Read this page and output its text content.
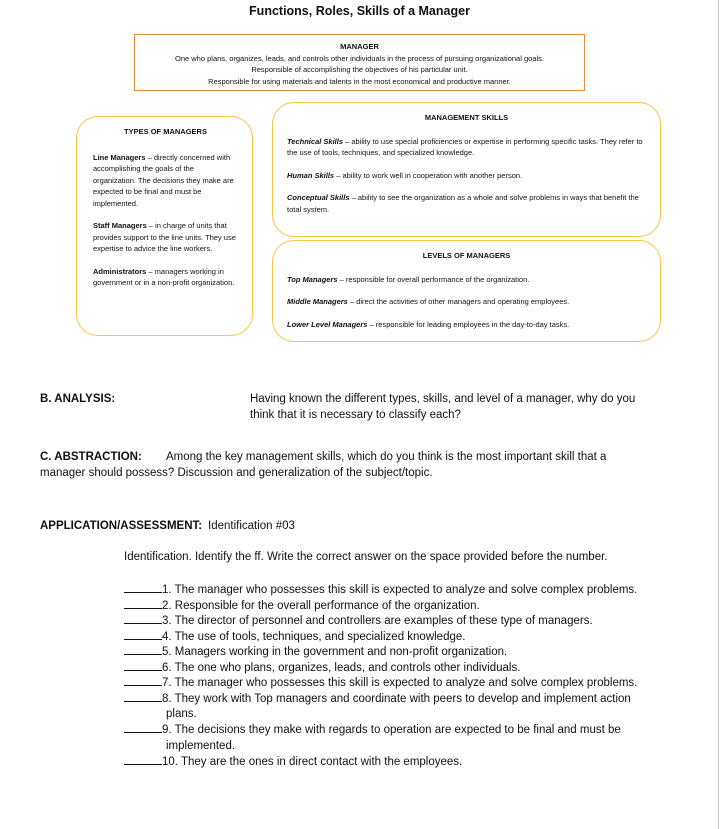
Functions, Roles, Skills of a Manager
MANAGER
One who plans, organizes, leads, and controls other individuals in the process of pursuing organizational goals.
Responsible of accomplishing the objectives of his particular unit.
Responsible for using materials and talents in the most economical and productive manner.
TYPES OF MANAGERS
Line Managers – directly concerned with accomplishing the goals of the organization. The decisions they make are expected to be final and must be implemented.
Staff Managers – in charge of units that provides support to the line units. They use expertise to advice the line workers.
Administrators – managers working in government or in a non-profit organization.
MANAGEMENT SKILLS
Technical Skills – ability to use special proficiencies or expertise in performing specific tasks. They refer to the use of tools, techniques, and specialized knowledge.
Human Skills – ability to work well in cooperation with another person.
Conceptual Skills – ability to see the organization as a whole and solve problems in ways that benefit the total system.
LEVELS OF MANAGERS
Top Managers – responsible for overall performance of the organization.
Middle Managers – direct the activities of other managers and operating employees.
Lower Level Managers – responsible for leading employees in the day-to-day tasks.
B. ANALYSIS:	Having known the different types, skills, and level of a manager, why do you
think that it is necessary to classify each?
C. ABSTRACTION: Among the key management skills, which do you think is the most important skill that a
manager should possess? Discussion and generalization of the subject/topic.
APPLICATION/ASSESSMENT: Identification #03
Identification. Identify the ff. Write the correct answer on the space provided before the number.
1. The manager who possesses this skill is expected to analyze and solve complex problems.
2. Responsible for the overall performance of the organization.
3. The director of personnel and controllers are examples of these type of managers.
4. The use of tools, techniques, and specialized knowledge.
5. Managers working in the government and non-profit organization.
6. The one who plans, organizes, leads, and controls other individuals.
7. The manager who possesses this skill is expected to analyze and solve complex problems.
8. They work with Top managers and coordinate with peers to develop and implement action
plans.
9. The decisions they make with regards to operation are expected to be final and must be
implemented.
10. They are the ones in direct contact with the employees.
